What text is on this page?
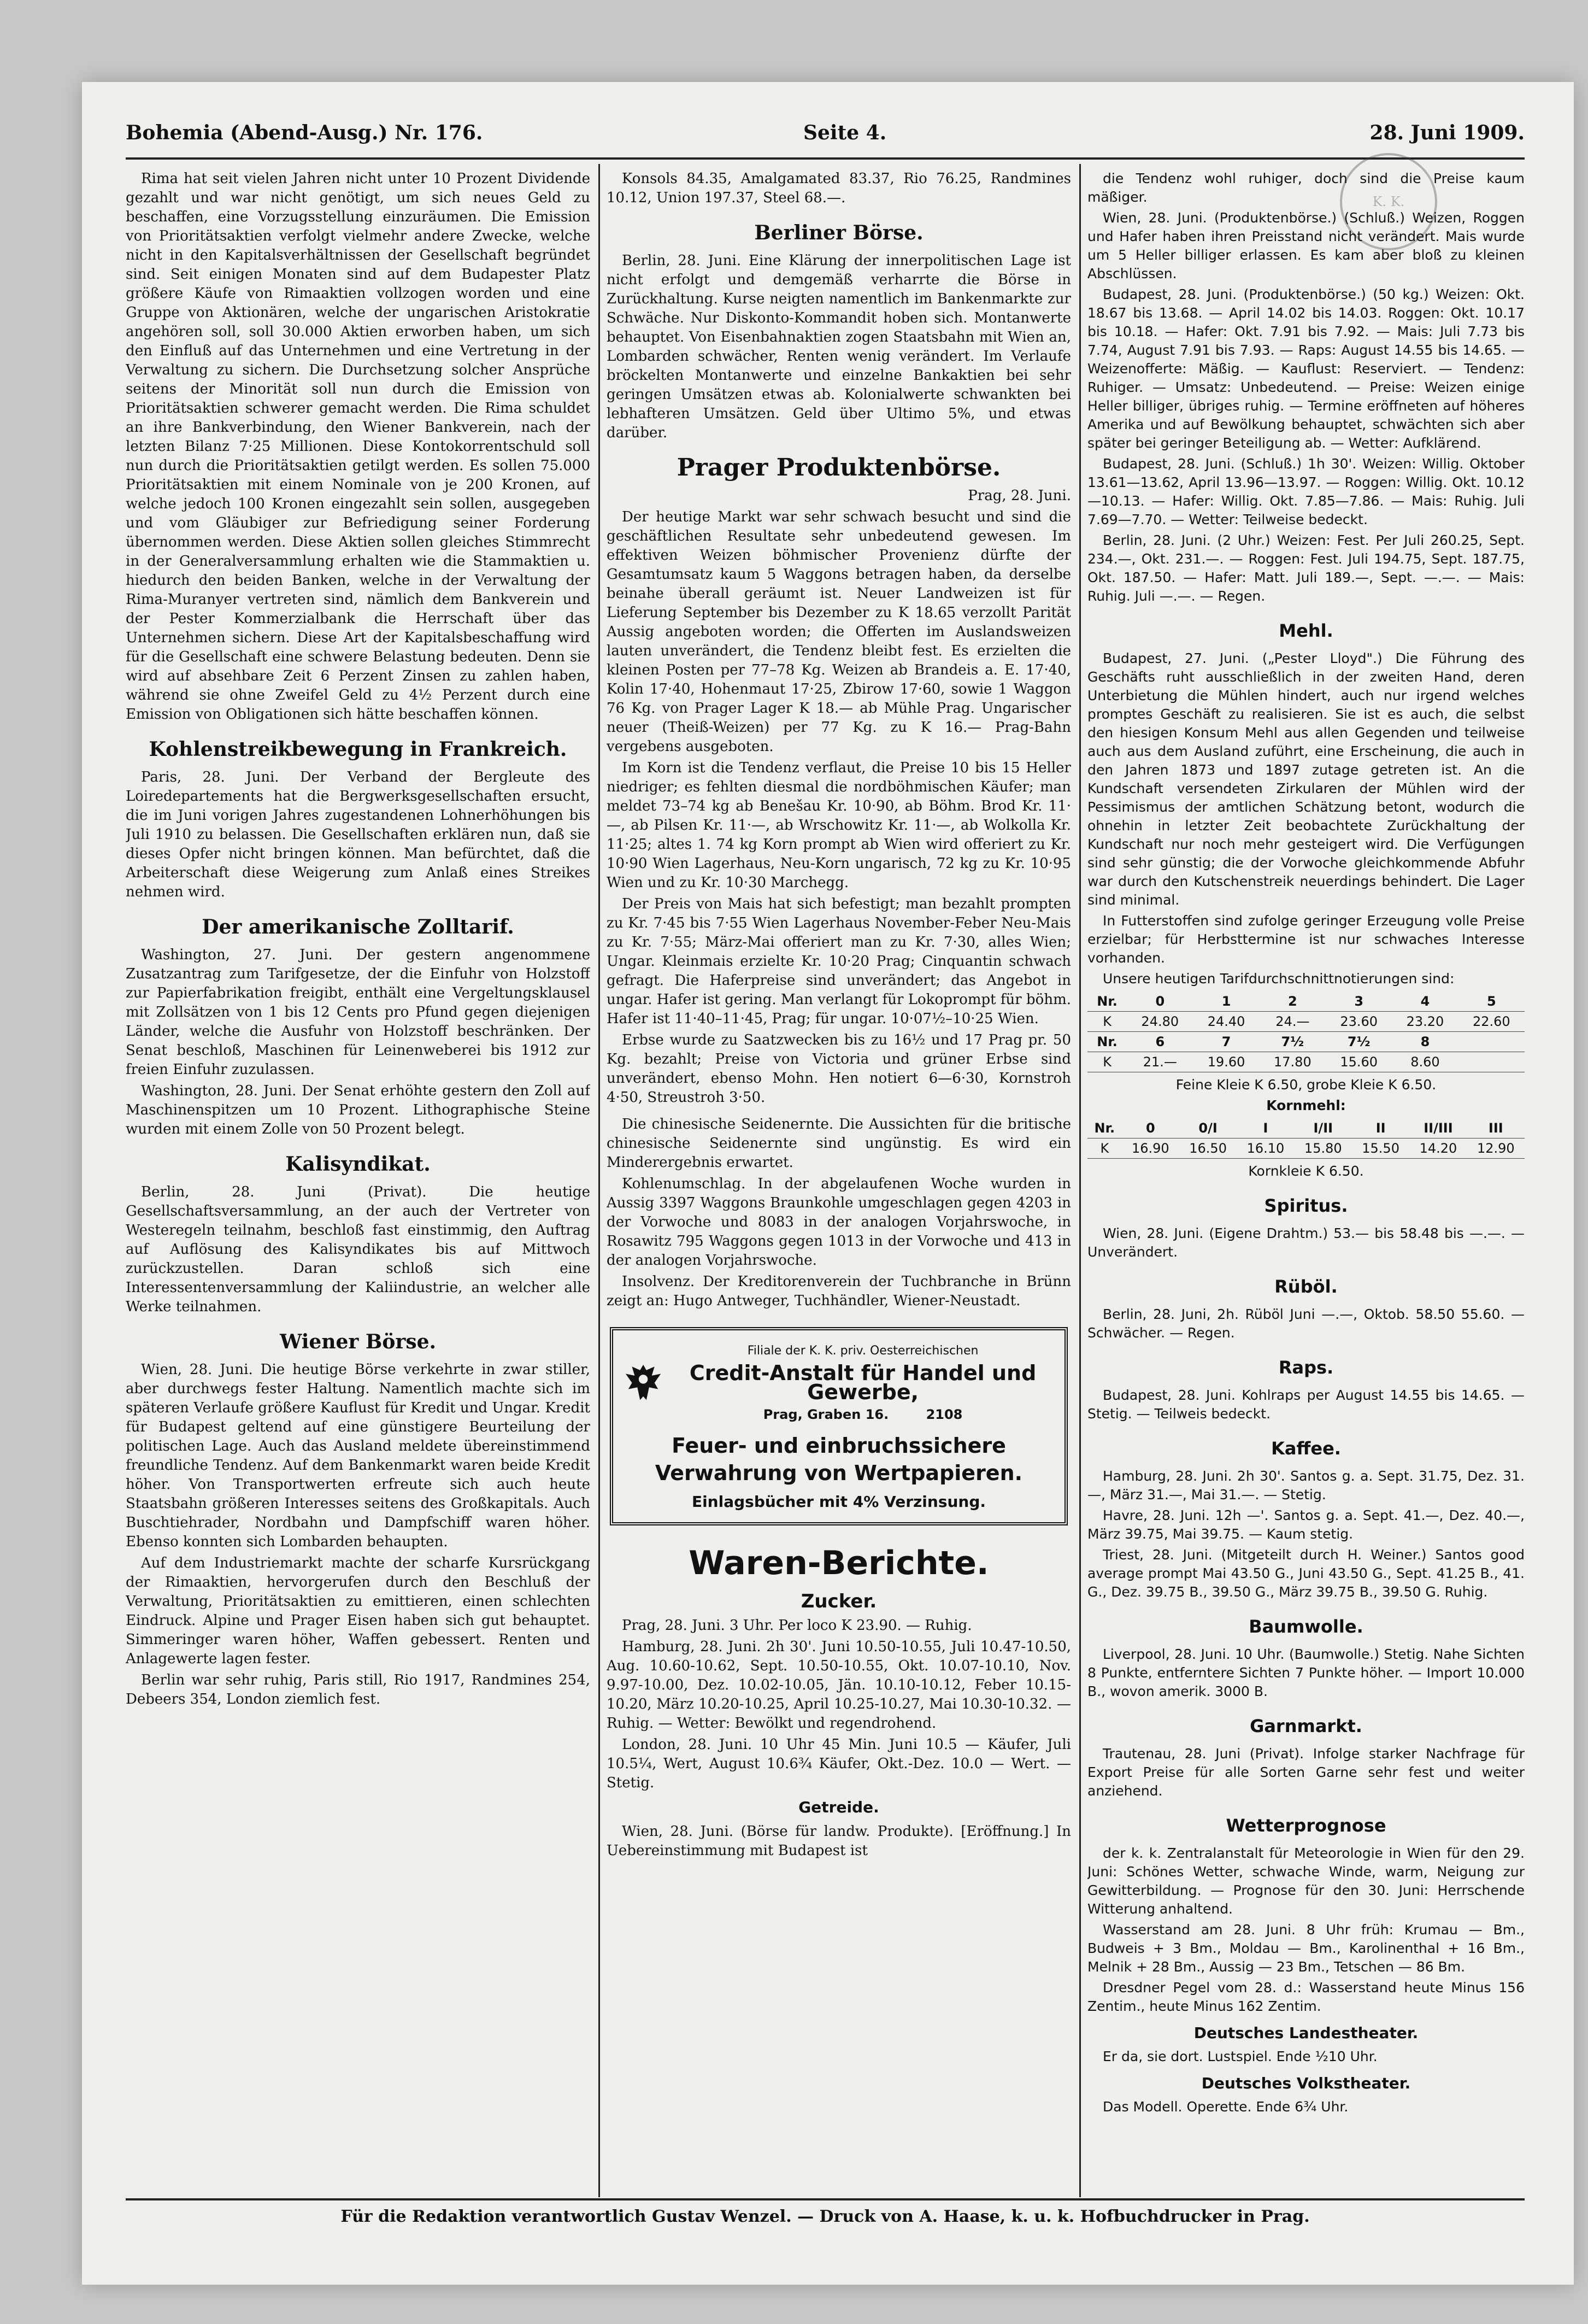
Bohemia (Abend-Ausg.) Nr. 176.	Seite 4.	28. Juni 1909.
K. K.

Rima hat seit vielen Jahren nicht unter 10 Prozent Dividende gezahlt und war nicht genötigt, um sich neues Geld zu beschaffen, eine Vorzugsstellung einzuräumen. Die Emission von Prioritätsaktien verfolgt vielmehr andere Zwecke, welche nicht in den Kapitalsverhältnissen der Gesellschaft begründet sind. Seit einigen Monaten sind auf dem Budapester Platz größere Käufe von Rimaaktien vollzogen worden und eine Gruppe von Aktionären, welche der ungarischen Aristokratie angehören soll, soll 30.000 Aktien erworben haben, um sich den Einfluß auf das Unternehmen und eine Vertretung in der Verwaltung zu sichern. Die Durchsetzung solcher Ansprüche seitens der Minorität soll nun durch die Emission von Prioritätsaktien schwerer gemacht werden. Die Rima schuldet an ihre Bankverbindung, den Wiener Bankverein, nach der letzten Bilanz 7·25 Millionen. Diese Kontokorrentschuld soll nun durch die Prioritätsaktien getilgt werden. Es sollen 75.000 Prioritätsaktien mit einem Nominale von je 200 Kronen, auf welche jedoch 100 Kronen eingezahlt sein sollen, ausgegeben und vom Gläubiger zur Befriedigung seiner Forderung übernommen werden. Diese Aktien sollen gleiches Stimmrecht in der Generalversammlung erhalten wie die Stammaktien u. hiedurch den beiden Banken, welche in der Verwaltung der Rima-Muranyer vertreten sind, nämlich dem Bankverein und der Pester Kommerzialbank die Herrschaft über das Unternehmen sichern. Diese Art der Kapitalsbeschaffung wird für die Gesellschaft eine schwere Belastung bedeuten. Denn sie wird auf absehbare Zeit 6 Perzent Zinsen zu zahlen haben, während sie ohne Zweifel Geld zu 4½ Perzent durch eine Emission von Obligationen sich hätte beschaffen können.

Kohlenstreikbewegung in Frankreich.

Paris, 28. Juni. Der Verband der Bergleute des Loiredepartements hat die Bergwerksgesellschaften ersucht, die im Juni vorigen Jahres zugestandenen Lohnerhöhungen bis Juli 1910 zu belassen. Die Gesellschaften erklären nun, daß sie dieses Opfer nicht bringen können. Man befürchtet, daß die Arbeiterschaft diese Weigerung zum Anlaß eines Streikes nehmen wird.

Der amerikanische Zolltarif.

Washington, 27. Juni. Der gestern angenommene Zusatzantrag zum Tarifgesetze, der die Einfuhr von Holzstoff zur Papierfabrikation freigibt, enthält eine Vergeltungsklausel mit Zollsätzen von 1 bis 12 Cents pro Pfund gegen diejenigen Länder, welche die Ausfuhr von Holzstoff beschränken. Der Senat beschloß, Maschinen für Leinenweberei bis 1912 zur freien Einfuhr zuzulassen.

Washington, 28. Juni. Der Senat erhöhte gestern den Zoll auf Maschinenspitzen um 10 Prozent. Lithographische Steine wurden mit einem Zolle von 50 Prozent belegt.

Kalisyndikat.

Berlin, 28. Juni (Privat). Die heutige Gesellschaftsversammlung, an der auch der Vertreter von Westeregeln teilnahm, beschloß fast einstimmig, den Auftrag auf Auflösung des Kalisyndikates bis auf Mittwoch zurückzustellen. Daran schloß sich eine Interessentenversammlung der Kaliindustrie, an welcher alle Werke teilnahmen.

Wiener Börse.

Wien, 28. Juni. Die heutige Börse verkehrte in zwar stiller, aber durchwegs fester Haltung. Namentlich machte sich im späteren Verlaufe größere Kauflust für Kredit und Ungar. Kredit für Budapest geltend auf eine günstigere Beurteilung der politischen Lage. Auch das Ausland meldete übereinstimmend freundliche Tendenz. Auf dem Bankenmarkt waren beide Kredit höher. Von Transportwerten erfreute sich auch heute Staatsbahn größeren Interesses seitens des Großkapitals. Auch Buschtiehrader, Nordbahn und Dampfschiff waren höher. Ebenso konnten sich Lombarden behaupten.

Auf dem Industriemarkt machte der scharfe Kursrückgang der Rimaaktien, hervorgerufen durch den Beschluß der Verwaltung, Prioritätsaktien zu emittieren, einen schlechten Eindruck. Alpine und Prager Eisen haben sich gut behauptet. Simmeringer waren höher, Waffen gebessert. Renten und Anlagewerte lagen fester.

Berlin war sehr ruhig, Paris still, Rio 1917, Randmines 254, Debeers 354, London ziemlich fest.

Konsols 84.35, Amalgamated 83.37, Rio 76.25, Randmines 10.12, Union 197.37, Steel 68.—.

Berliner Börse.

Berlin, 28. Juni. Eine Klärung der innerpolitischen Lage ist nicht erfolgt und demgemäß verharrte die Börse in Zurückhaltung. Kurse neigten namentlich im Bankenmarkte zur Schwäche. Nur Diskonto-Kommandit hoben sich. Montanwerte behauptet. Von Eisenbahnaktien zogen Staatsbahn mit Wien an, Lombarden schwächer, Renten wenig verändert. Im Verlaufe bröckelten Montanwerte und einzelne Bankaktien bei sehr geringen Umsätzen etwas ab. Kolonialwerte schwankten bei lebhafteren Umsätzen. Geld über Ultimo 5%, und etwas darüber.

Prager Produktenbörse.

Prag, 28. Juni.

Der heutige Markt war sehr schwach besucht und sind die geschäftlichen Resultate sehr unbedeutend gewesen. Im effektiven Weizen böhmischer Provenienz dürfte der Gesamtumsatz kaum 5 Waggons betragen haben, da derselbe beinahe überall geräumt ist. Neuer Landweizen ist für Lieferung September bis Dezember zu K 18.65 verzollt Parität Aussig angeboten worden; die Offerten im Auslandsweizen lauten unverändert, die Tendenz bleibt fest. Es erzielten die kleinen Posten per 77–78 Kg. Weizen ab Brandeis a. E. 17·40, Kolin 17·40, Hohenmaut 17·25, Zbirow 17·60, sowie 1 Waggon 76 Kg. von Prager Lager K 18.— ab Mühle Prag. Ungarischer neuer (Theiß-Weizen) per 77 Kg. zu K 16.— Prag-Bahn vergebens ausgeboten.

Im Korn ist die Tendenz verflaut, die Preise 10 bis 15 Heller niedriger; es fehlten diesmal die nordböhmischen Käufer; man meldet 73–74 kg ab Benešau Kr. 10·90, ab Böhm. Brod Kr. 11·—, ab Pilsen Kr. 11·—, ab Wrschowitz Kr. 11·—, ab Wolkolla Kr. 11·25; altes 1. 74 kg Korn prompt ab Wien wird offeriert zu Kr. 10·90 Wien Lagerhaus, Neu-Korn ungarisch, 72 kg zu Kr. 10·95 Wien und zu Kr. 10·30 Marchegg.

Der Preis von Mais hat sich befestigt; man bezahlt prompten zu Kr. 7·45 bis 7·55 Wien Lagerhaus November-Feber Neu-Mais zu Kr. 7·55; März-Mai offeriert man zu Kr. 7·30, alles Wien; Ungar. Kleinmais erzielte Kr. 10·20 Prag; Cinquantin schwach gefragt. Die Haferpreise sind unverändert; das Angebot in ungar. Hafer ist gering. Man verlangt für Lokoprompt für böhm. Hafer ist 11·40–11·45, Prag; für ungar. 10·07½–10·25 Wien.

Erbse wurde zu Saatzwecken bis zu 16½ und 17 Prag pr. 50 Kg. bezahlt; Preise von Victoria und grüner Erbse sind unverändert, ebenso Mohn. Hen notiert 6—6·30, Kornstroh 4·50, Streustroh 3·50.

Die chinesische Seidenernte. Die Aussichten für die britische chinesische Seidenernte sind ungünstig. Es wird ein Minderergebnis erwartet.

Kohlenumschlag. In der abgelaufenen Woche wurden in Aussig 3397 Waggons Braunkohle umgeschlagen gegen 4203 in der Vorwoche und 8083 in der analogen Vorjahrswoche, in Rosawitz 795 Waggons gegen 1013 in der Vorwoche und 413 in der analogen Vorjahrswoche.

Insolvenz. Der Kreditorenverein der Tuchbranche in Brünn zeigt an: Hugo Antweger, Tuchhändler, Wiener-Neustadt.

Filiale der K. K. priv. Oesterreichischen
Credit-Anstalt für Handel und Gewerbe,
Prag, Graben 16.	2108
Feuer- und einbruchssichere Verwahrung von Wertpapieren.
Einlagsbücher mit 4% Verzinsung.
Waren-Berichte.
Zucker.

Prag, 28. Juni. 3 Uhr. Per loco K 23.90. — Ruhig.

Hamburg, 28. Juni. 2h 30'. Juni 10.50-10.55, Juli 10.47-10.50, Aug. 10.60-10.62, Sept. 10.50-10.55, Okt. 10.07-10.10, Nov. 9.97-10.00, Dez. 10.02-10.05, Jän. 10.10-10.12, Feber 10.15-10.20, März 10.20-10.25, April 10.25-10.27, Mai 10.30-10.32. — Ruhig. — Wetter: Bewölkt und regendrohend.

London, 28. Juni. 10 Uhr 45 Min. Juni 10.5 — Käufer, Juli 10.5¼, Wert, August 10.6¾ Käufer, Okt.-Dez. 10.0 — Wert. — Stetig.

Getreide.

Wien, 28. Juni. (Börse für landw. Produkte). [Eröffnung.] In Uebereinstimmung mit Budapest ist

die Tendenz wohl ruhiger, doch sind die Preise kaum mäßiger.

Wien, 28. Juni. (Produktenbörse.) (Schluß.) Weizen, Roggen und Hafer haben ihren Preisstand nicht verändert. Mais wurde um 5 Heller billiger erlassen. Es kam aber bloß zu kleinen Abschlüssen.

Budapest, 28. Juni. (Produktenbörse.) (50 kg.) Weizen: Okt. 18.67 bis 13.68. — April 14.02 bis 14.03. Roggen: Okt. 10.17 bis 10.18. — Hafer: Okt. 7.91 bis 7.92. — Mais: Juli 7.73 bis 7.74, August 7.91 bis 7.93. — Raps: August 14.55 bis 14.65. — Weizenofferte: Mäßig. — Kauflust: Reserviert. — Tendenz: Ruhiger. — Umsatz: Unbedeutend. — Preise: Weizen einige Heller billiger, übriges ruhig. — Termine eröffneten auf höheres Amerika und auf Bewölkung behauptet, schwächten sich aber später bei geringer Beteiligung ab. — Wetter: Aufklärend.

Budapest, 28. Juni. (Schluß.) 1h 30'. Weizen: Willig. Oktober 13.61—13.62, April 13.96—13.97. — Roggen: Willig. Okt. 10.12—10.13. — Hafer: Willig. Okt. 7.85—7.86. — Mais: Ruhig. Juli 7.69—7.70. — Wetter: Teilweise bedeckt.

Berlin, 28. Juni. (2 Uhr.) Weizen: Fest. Per Juli 260.25, Sept. 234.—, Okt. 231.—. — Roggen: Fest. Juli 194.75, Sept. 187.75, Okt. 187.50. — Hafer: Matt. Juli 189.—, Sept. —.—. — Mais: Ruhig. Juli —.—. — Regen.

Mehl.

Budapest, 27. Juni. („Pester Lloyd".) Die Führung des Geschäfts ruht ausschließlich in der zweiten Hand, deren Unterbietung die Mühlen hindert, auch nur irgend welches promptes Geschäft zu realisieren. Sie ist es auch, die selbst den hiesigen Konsum Mehl aus allen Gegenden und teilweise auch aus dem Ausland zuführt, eine Erscheinung, die auch in den Jahren 1873 und 1897 zutage getreten ist. An die Kundschaft versendeten Zirkularen der Mühlen wird der Pessimismus der amtlichen Schätzung betont, wodurch die ohnehin in letzter Zeit beobachtete Zurückhaltung der Kundschaft nur noch mehr gesteigert wird. Die Verfügungen sind sehr günstig; die der Vorwoche gleichkommende Abfuhr war durch den Kutschenstreik neuerdings behindert. Die Lager sind minimal.

In Futterstoffen sind zufolge geringer Erzeugung volle Preise erzielbar; für Herbsttermine ist nur schwaches Interesse vorhanden.

Unsere heutigen Tarifdurchschnittnotierungen sind:

Nr.	0	1	2	3	4	5
K	24.80	24.40	24.—	23.60	23.20	22.60
Nr.	6	7	7½	7½	8	
K	21.—	19.60	17.80	15.60	8.60	

Feine Kleie K 6.50, grobe Kleie K 6.50.

Kornmehl:

Nr.	0	0/I	I	I/II	II	II/III	III
K	16.90	16.50	16.10	15.80	15.50	14.20	12.90

Kornkleie K 6.50.

Spiritus.

Wien, 28. Juni. (Eigene Drahtm.) 53.— bis 58.48 bis —.—. — Unverändert.

Rüböl.

Berlin, 28. Juni, 2h. Rüböl Juni —.—, Oktob. 58.50 55.60. — Schwächer. — Regen.

Raps.

Budapest, 28. Juni. Kohlraps per August 14.55 bis 14.65. — Stetig. — Teilweis bedeckt.

Kaffee.

Hamburg, 28. Juni. 2h 30'. Santos g. a. Sept. 31.75, Dez. 31.—, März 31.—, Mai 31.—. — Stetig.

Havre, 28. Juni. 12h —'. Santos g. a. Sept. 41.—, Dez. 40.—, März 39.75, Mai 39.75. — Kaum stetig.

Triest, 28. Juni. (Mitgeteilt durch H. Weiner.) Santos good average prompt Mai 43.50 G., Juni 43.50 G., Sept. 41.25 B., 41. G., Dez. 39.75 B., 39.50 G., März 39.75 B., 39.50 G. Ruhig.

Baumwolle.

Liverpool, 28. Juni. 10 Uhr. (Baumwolle.) Stetig. Nahe Sichten 8 Punkte, entferntere Sichten 7 Punkte höher. — Import 10.000 B., wovon amerik. 3000 B.

Garnmarkt.

Trautenau, 28. Juni (Privat). Infolge starker Nachfrage für Export Preise für alle Sorten Garne sehr fest und weiter anziehend.

Wetterprognose

der k. k. Zentralanstalt für Meteorologie in Wien für den 29. Juni: Schönes Wetter, schwache Winde, warm, Neigung zur Gewitterbildung. — Prognose für den 30. Juni: Herrschende Witterung anhaltend.

Wasserstand am 28. Juni. 8 Uhr früh: Krumau — Bm., Budweis + 3 Bm., Moldau — Bm., Karolinenthal + 16 Bm., Melnik + 28 Bm., Aussig — 23 Bm., Tetschen — 86 Bm.

Dresdner Pegel vom 28. d.: Wasserstand heute Minus 156 Zentim., heute Minus 162 Zentim.

Deutsches Landestheater.

Er da, sie dort. Lustspiel. Ende ½10 Uhr.

Deutsches Volkstheater.

Das Modell. Operette. Ende 6¾ Uhr.

Für die Redaktion verantwortlich Gustav Wenzel. — Druck von A. Haase, k. u. k. Hofbuchdrucker in Prag.
